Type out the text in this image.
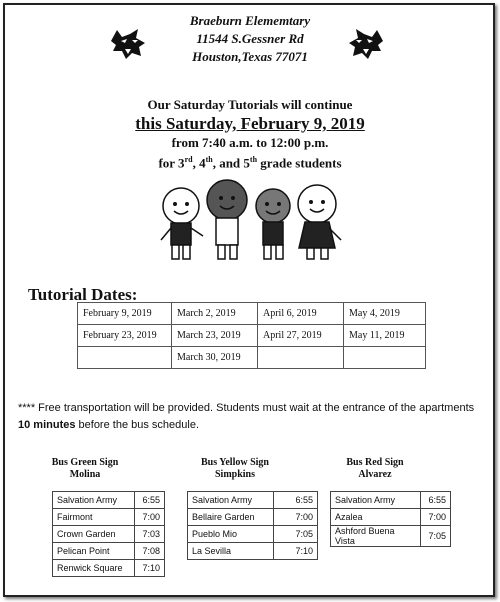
Braeburn Elememtary
11544 S.Gessner Rd
Houston,Texas 77071
Our Saturday Tutorials will continue
this Saturday, February 9, 2019
from 7:40 a.m. to 12:00 p.m.
for 3rd, 4th, and 5th grade students
Tutorial Dates:
February 9, 2019	March 2, 2019	April 6, 2019	May 4, 2019
February 23, 2019	March 23, 2019	April 27, 2019	May 11, 2019
	March 30, 2019		
**** Free transportation will be provided. Students must wait at the entrance of the apartments 10 minutes before the bus schedule.
Bus Green Sign
Molina
Salvation Army	6:55
Fairmont	7:00
Crown Garden	7:03
Pelican Point	7:08
Renwick Square	7:10
Bus Yellow Sign
Simpkins
Salvation Army	6:55
Bellaire Garden	7:00
Pueblo Mio	7:05
La Sevilla	7:10
Bus Red Sign
Alvarez
Salvation Army	6:55
Azalea	7:00
Ashford Buena Vista	7:05
